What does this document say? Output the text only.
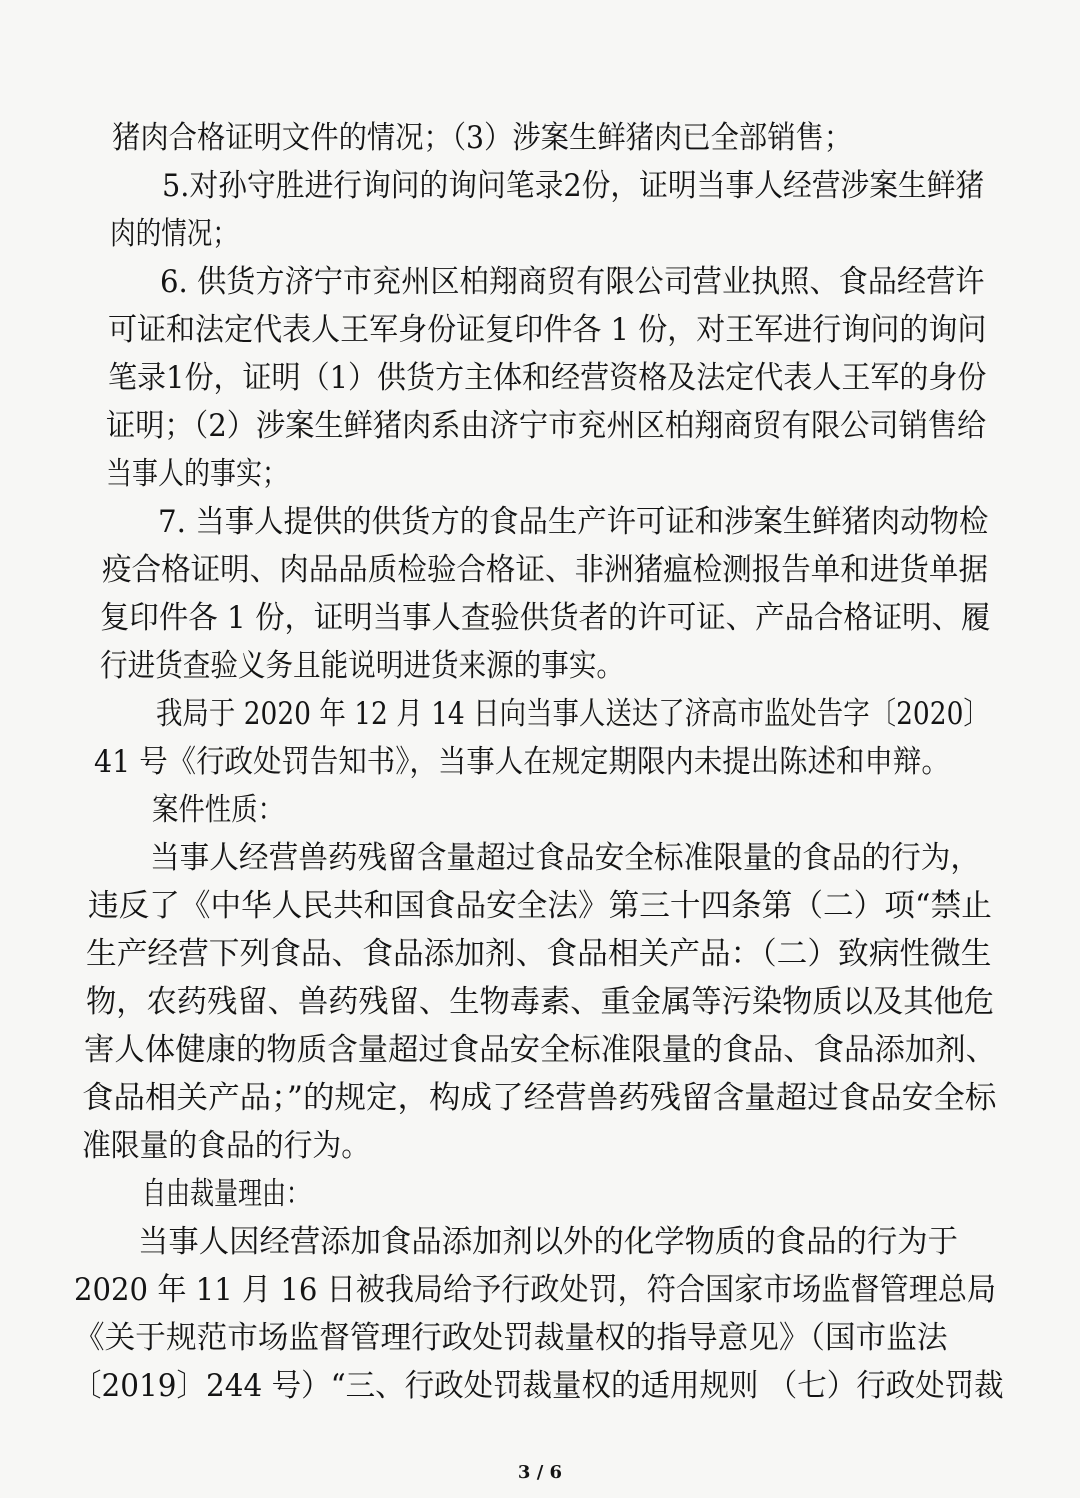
猪肉合格证明文件的情况；（3）涉案生鲜猪肉已全部销售；
5.对孙守胜进行询问的询问笔录2份，证明当事人经营涉案生鲜猪
肉的情况；
6. 供货方济宁市兖州区柏翔商贸有限公司营业执照、食品经营许
可证和法定代表人王军身份证复印件各 1 份，对王军进行询问的询问
笔录1份，证明（1）供货方主体和经营资格及法定代表人王军的身份
证明；（2）涉案生鲜猪肉系由济宁市兖州区柏翔商贸有限公司销售给
当事人的事实；
7. 当事人提供的供货方的食品生产许可证和涉案生鲜猪肉动物检
疫合格证明、肉品品质检验合格证、非洲猪瘟检测报告单和进货单据
复印件各 1 份，证明当事人查验供货者的许可证、产品合格证明、履
行进货查验义务且能说明进货来源的事实。
我局于 2020 年 12 月 14 日向当事人送达了济高市监处告字〔2020〕
41 号《行政处罚告知书》，当事人在规定期限内未提出陈述和申辩。
案件性质：
当事人经营兽药残留含量超过食品安全标准限量的食品的行为，
违反了《中华人民共和国食品安全法》第三十四条第（二）项“禁止
生产经营下列食品、食品添加剂、食品相关产品：（二）致病性微生
物，农药残留、兽药残留、生物毒素、重金属等污染物质以及其他危
害人体健康的物质含量超过食品安全标准限量的食品、食品添加剂、
食品相关产品；”的规定，构成了经营兽药残留含量超过食品安全标
准限量的食品的行为。
自由裁量理由：
当事人因经营添加食品添加剂以外的化学物质的食品的行为于
2020 年 11 月 16 日被我局给予行政处罚，符合国家市场监督管理总局
《关于规范市场监督管理行政处罚裁量权的指导意见》（国市监法
〔2019〕244 号）“三、行政处罚裁量权的适用规则 （七）行政处罚裁
3 / 6
